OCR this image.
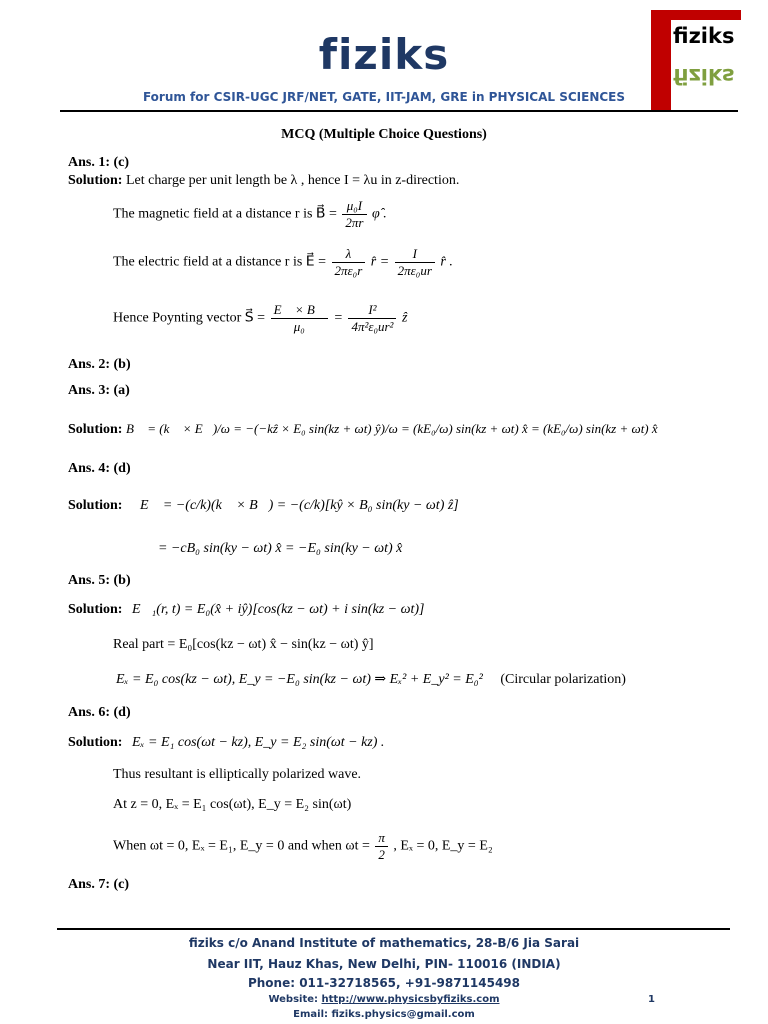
fiziks
Forum for CSIR-UGC JRF/NET, GATE, IIT-JAM, GRE in PHYSICAL SCIENCES
fiziks
fiziks
MCQ (Multiple Choice Questions)
Ans. 1: (c)
Solution: Let charge per unit length be λ , hence I = λu in z-direction.
The magnetic field at a distance r is B⃗ = $\frac{\text{μ₀I}}{2\pi r}$ φ̂ .
The electric field at a distance r is E⃗ = $\frac{\lambda}{\text{2πε₀r}}$ r̂ = $\frac{I}{\text{2πε₀ur}}$ r̂ .
Hence Poynting vector S⃗ = $\frac{E⃗ \times B⃗}{\text{μ₀}} = \frac{\text{I²}}{\text{4π²ε₀ur²}}$ ẑ
Ans. 2: (b)
Ans. 3: (a)
Solution: B⃗ = (k⃗ × E⃗)/ω = −(−kẑ × E₀ sin(kz + ωt) ŷ)/ω = (kE₀/ω) sin(kz + ωt) x̂ = (kE₀/ω) sin(kz + ωt) x̂
Ans. 4: (d)
Solution: E⃗ = −(c/k)(k⃗ × B⃗) = −(c/k)[kŷ × B₀ sin(ky − ωt) ẑ]
= −cB₀ sin(ky − ωt) x̂ = −E₀ sin(ky − ωt) x̂
Ans. 5: (b)
Solution: E⃗₁(r, t) = E₀(x̂ + iŷ)[cos(kz − ωt) + i sin(kz − ωt)]
Real part = E₀[cos(kz − ωt) x̂ − sin(kz − ωt) ŷ]
Eₓ = E₀ cos(kz − ωt), E_y = −E₀ sin(kz − ωt) ⇒ Eₓ² + E_y² = E₀² (Circular polarization)
Ans. 6: (d)
Solution: Eₓ = E₁ cos(ωt − kz), E_y = E₂ sin(ωt − kz) .
Thus resultant is elliptically polarized wave.
At z = 0, Eₓ = E₁ cos(ωt), E_y = E₂ sin(ωt)
When ωt = 0, Eₓ = E₁, E_y = 0 and when $\omega t = \frac{\pi}{2}$ , Eₓ = 0, E_y = E₂
Ans. 7: (c)
fiziks c/o Anand Institute of mathematics, 28-B/6 Jia Sarai
Near IIT, Hauz Khas, New Delhi, PIN- 110016 (INDIA)
Phone: 011-32718565, +91-9871145498
Website: http://www.physicsbyfiziks.com
Email: fiziks.physics@gmail.com
1
